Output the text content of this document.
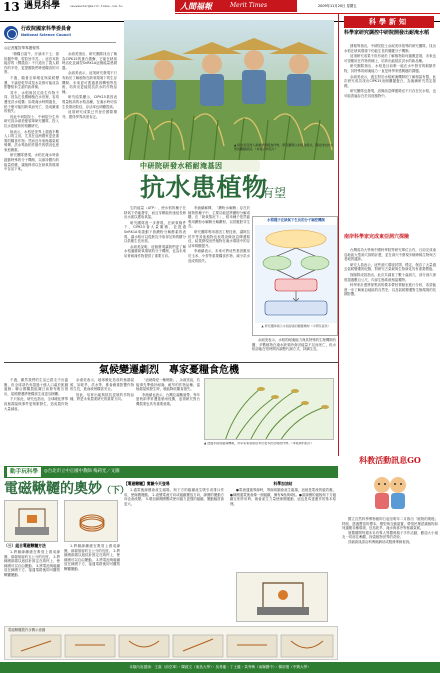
13 遇見科學	newsmaster@merit-times.com.tw	人間福報	Merit Times	2009年11月20日 星期五
行政院國家科學委員會
National Science Council
◎記者羅智華專題報導

「雜糧日當午，汗滴禾下土；誰知盤中飧，粒粒皆辛苦。」這首耳熟能詳的《憫農詩》不只道出了農人耕作的辛勞，更提醒我們珍惜糧食的可貴。

不過，隨著全球暖化與氣候變遷，不論是乾旱或是水災都可能成為影響稻米生產的致命傷。

其中，水稻與其它陸生作物不同，因為它長期種植在水田裡，容易遭受洪水侵襲；如果淹水時間過長，稻子便可能因缺氧而死亡，造成嚴重的損失。

因此中研院院士、中研院分生所研究員余淑美便領軍研究團隊，投入抗水患植物的相關研究。

她表示，水稻是世界上超過半數人口的主食，尤其在亞洲國家更是重要的糧食作物；然而近年來極端氣候頻傳，洪水導致稻作損失的情況也愈來愈嚴重。

研究團隊發現，水稻在淹水時會啟動特殊的分子機制，以維持體內的能量供應，讓植株得以在缺氧的環境中存活下來。

余淑美指出，研究團隊找出了稱為CIPK15的蛋白激酶，它能在缺氧時活化並調控SnRK1A這個能量感測器。

余淑美表示，這項研究發現不只有助於了解植物在缺氧環境下的生存機制，未來更可透過基因轉殖等技術，培育出更能抵抗洪水的作物品種。

研究結果顯示，CIPK15基因表現量較高的水稻品種，在淹水時幼苗生長情況較佳，存活率也明顯提高。

這項研究成果已刊登於國際期刊，獲得學界高度肯定。

▲ 稻米是亞洲人最重要的糧食作物，研究團隊以水稻為模式，期能找出抗水患的關鍵基因。（本報資料照片）
中研院研發水稻耐淹基因
抗水患植物
有望

生的能量（ATP），使水稻的種子在缺氧下仍能發芽，而且芽鞘能快速延長伸出水面以獲取氧氣。

研究團隊進一步發現，在缺氧條件下，CIPK15會大量累積，並透過SnRK1A來啟動下游澱粉分解酵素的表現，讓水稻可以從胚乳中取得足夠的糖分以供應生長所需。

余淑美說明，這個發現讓我們更了解水稻適應缺氧環境的分子機制，也為未來培育耐淹作物提供了重要方向。

李涌鎮解釋，「澱粉水解酶」存在於植物的種子中，主要功能是將澱粉分解成糖。在「缺氧情況下」，稻米種子依然能利用澱粉水解酶分解澱粉，以供應胚芽生長。

研究團隊利用基因工程技術，讓阿拉伯芥等其他植物也表現這條訊息傳遞路徑，結果發現這些植物在淹水環境中的存活率明顯提升。

李涌鎮表示，未來可將這些基因應用於玉米、小麥等重要糧食作物，減少洪水造成的損失。

余淑美表示，水稻的耐淹能力與其特殊的生理機制有關，多數植物在淹水缺氧時會因能量不足而死亡，但水稻卻能在短時間內調整代謝方式，持續生長。

水稻種子在缺氧下生長的分子調控機制
▲ 研究團隊揭示水稻耐淹的關鍵機制（中研院提供）
氣候變遷劇烈　專家憂糧食危機

不過，雖然我們的生活已經走不出溫飽，但全球卻仍有超過十億人口處於飢餓邊緣；聯合國糧農組織日前發布報告指出，氣候變遷將使糧食生產更加困難。

不只如此，研究也指出，全球暖化將導致極端氣候事件更頻繁發生，造成農作物大量減產。

余淑美表示，地球暖化造成的極端氣候，如乾旱、洪水等，都會嚴重影響作物的生長，進而威脅糧食安全。

因此，培育出能夠抵抗逆境的作物品種，將是未來農業研究的重要方向。

「這就像是一種保險」，余淑美說，若能事先準備好耐淹、耐旱的作物品種，當極端氣候發生時，就能降低糧食損失。

李涌鎮也表示，台灣位處颱風帶，每年夏秋兩季常遭逢豪雨侵襲，這項研究對台灣農業也具有重要意義。

▲ 透過水稻的耐淹機制，科學家希望能培育出更多抗逆境的作物。（本報資料照片）
動手玩科學	◎台北市立中正國中教師 梅莉光／文圖
電磁鞦韆的奧妙（下）
（三）組合電磁鞦韆方法

1.將銅線纏繞在吸管上做成線圈，兩端預留約五公分的長度。 2.將線圈兩端以迴紋針固定在紙杯上，使線圈可以自由擺動。 3.將電池與磁鐵放在線圈下方，接通電路後即可觀察鞦韆擺動。

1.將銅線纏繞在吸管上做成線圈，兩端預留約五公分的長度。 2.將線圈兩端以迴紋針固定在紙杯上，使線圈可以自由擺動。 3.將電池與磁鐵放在線圈下方，接通電路後即可觀察鞦韆擺動。

【電磁鞦韆】實驗今天登場

1.通電後線圈會產生磁場，與下方的磁鐵產生吸引或排斥作用，使線圈擺動。 2.改變電流方向或磁鐵擺放方向，線圈的擺動方向也會改變。 3.增加線圈圈數或使用磁力更強的磁鐵，擺動幅度會更大。

科學加油站

●電流通過導線時，導線周圍會產生磁場，這就是電流的磁效應。●線圈通電後會像一個磁鐵，擁有N極與S極。●當線圈的磁極與下方磁鐵互相作用時，就會產生力量使線圈運動，這也是馬達運作的基本原理。

電磁鞦韆製作步驟示意圖
科學新知
科學家研究調控中研院開發出耐淹水稻

據報導指出，中研院院士余淑美所領導的研究團隊，找出水稻在缺氧環境下仍能生長的關鍵分子機制。

這項研究成果不但有助於了解植物如何適應逆境，未來也可望應用在作物育種上，培育出能抵抗洪水的新品種。

研究團隊指出，水稻是目前唯一能在水中發芽的穀類作物，其特殊的耐淹能力一直是科學家感興趣的課題。

余淑美表示，過去對於水稻耐淹機制的了解相當有限，此次研究成功找出CIPK15這個關鍵蛋白，為後續研究奠定基礎。

研究團隊也發現，這條訊息傳遞路徑不只存在於水稻，也可能普遍存在於其他植物中。

南岸科學家完成東亞洞穴探險

台灣成功大學與中國科學院等研究單位合作，日前完成東亞地區大型洞穴探勘計畫，並在洞穴中發現多種珍稀生物與古老地質遺跡。

研究人員表示，這些洞穴環境封閉、穩定，保存了大量過去氣候變遷的紀錄，對研究古氣候與生物演化具有重要價值。

探險隊成員指出，此次共調查了數十處洞穴，部分洞穴深度超過數百公尺，內部生態系統相當獨特。

科學家計畫將採集到的樣本帶回實驗室進行分析，希望能進一步了解東亞地區的自然史，以及氣候變遷對生態環境的長期影響。

科教活動訊息GO

國立自然科學博物館即日起至明年二月推出「植物的奧秘」特展，透過豐富的標本、模型與互動裝置，帶領民眾認識植物如何適應各種環境，包括乾旱、淹水與寒冷等極端氣候。

展覽期間每週末另有專人導覽與親子手作活動，歡迎大小朋友一同前往參觀，探索植物世界的奇妙。

詳細資訊請洽科博館網站或服務專線查詢。

本版內容諮詢：王嘉（前空軍）・陳啟文（東吳大學）・吳易龍・丁士龍・黃秀梅（南縣國中）・楊裕強（中興大學）
